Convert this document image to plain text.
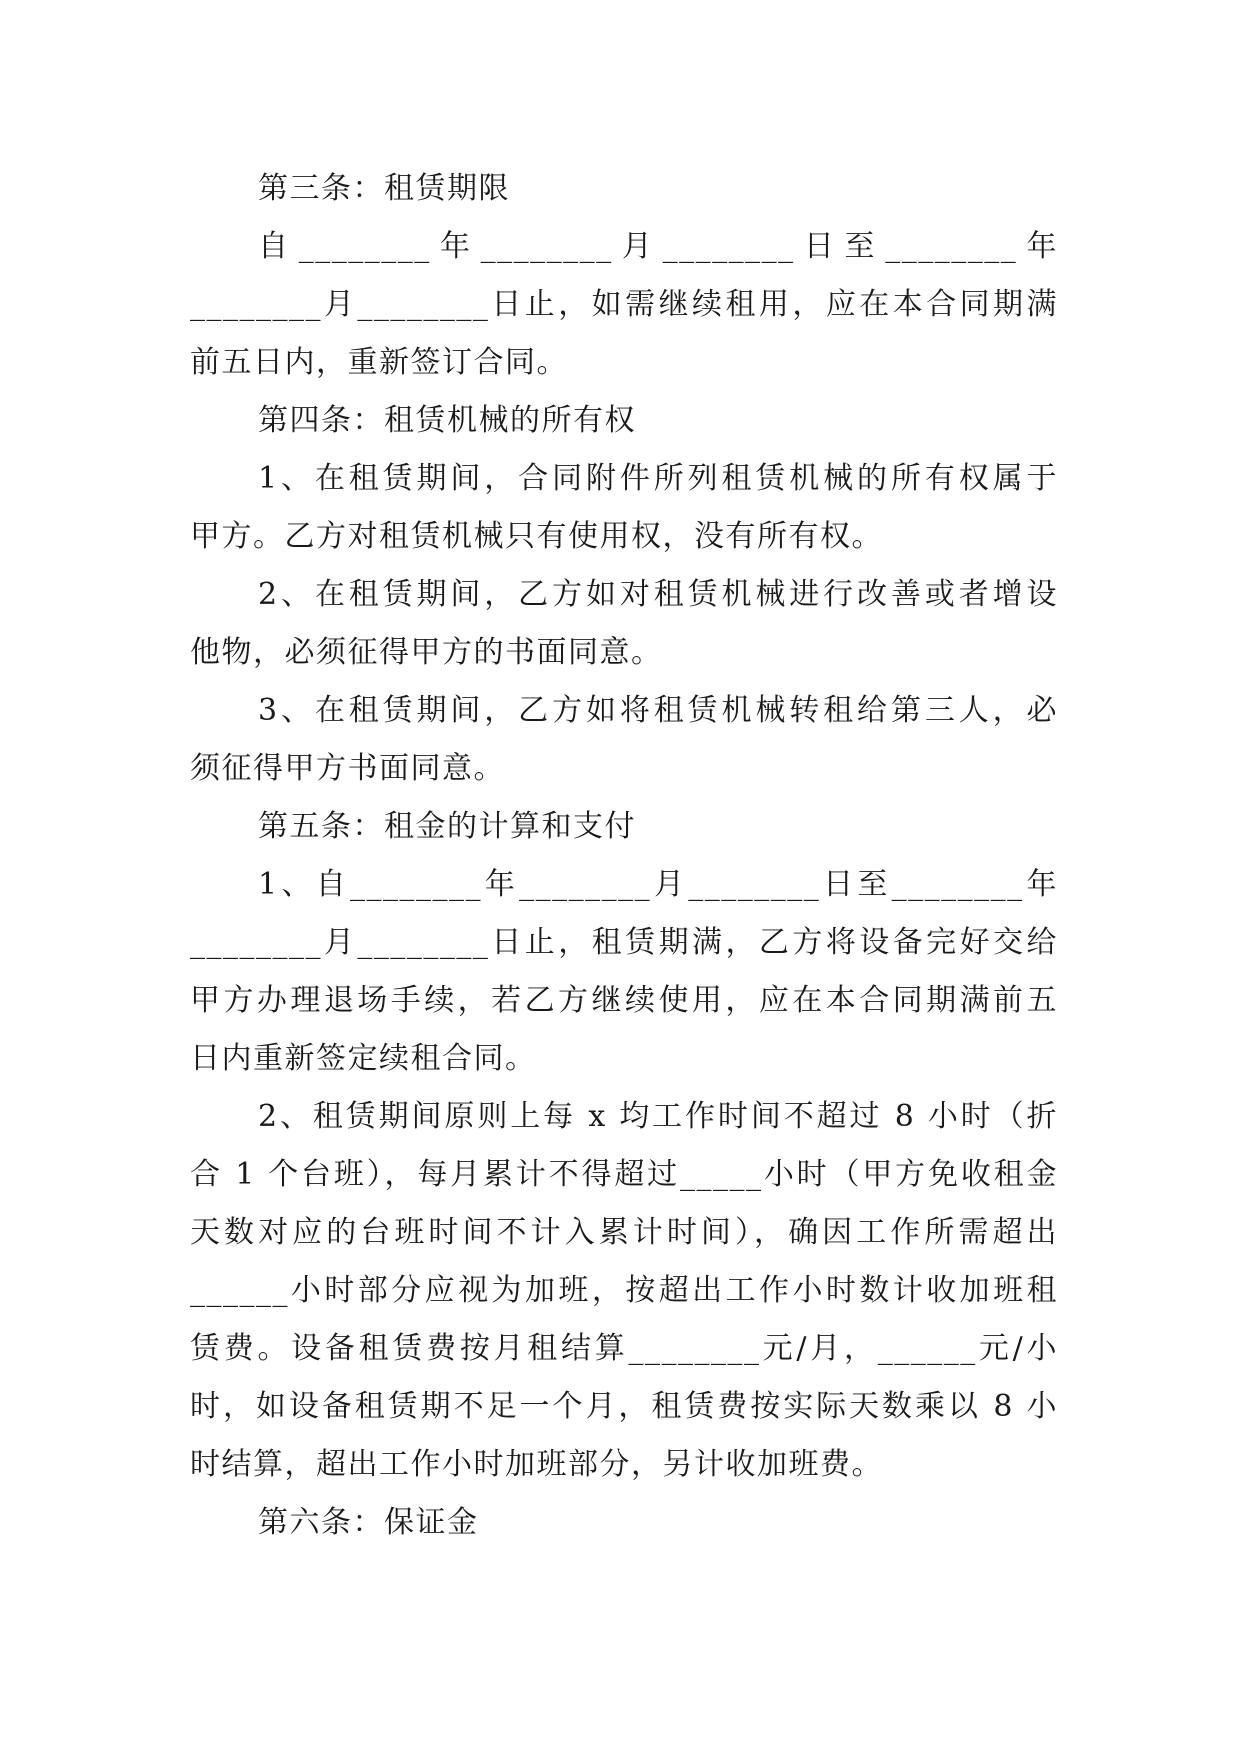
第三条：租赁期限
自________年________月________日至________年
________月________日止，如需继续租用，应在本合同期满
前五日内，重新签订合同。
第四条：租赁机械的所有权
1、在租赁期间，合同附件所列租赁机械的所有权属于
甲方。乙方对租赁机械只有使用权，没有所有权。
2、在租赁期间，乙方如对租赁机械进行改善或者增设
他物，必须征得甲方的书面同意。
3、在租赁期间，乙方如将租赁机械转租给第三人，必
须征得甲方书面同意。
第五条：租金的计算和支付
1、自________年________月________日至________年
________月________日止，租赁期满，乙方将设备完好交给
甲方办理退场手续，若乙方继续使用，应在本合同期满前五
日内重新签定续租合同。
2、租赁期间原则上每 x 均工作时间不超过 8 小时（折
合 1 个台班），每月累计不得超过_____小时（甲方免收租金
天数对应的台班时间不计入累计时间），确因工作所需超出
______小时部分应视为加班，按超出工作小时数计收加班租
赁费。设备租赁费按月租结算________元/月，______元/小
时，如设备租赁期不足一个月，租赁费按实际天数乘以 8 小
时结算，超出工作小时加班部分，另计收加班费。
第六条：保证金
